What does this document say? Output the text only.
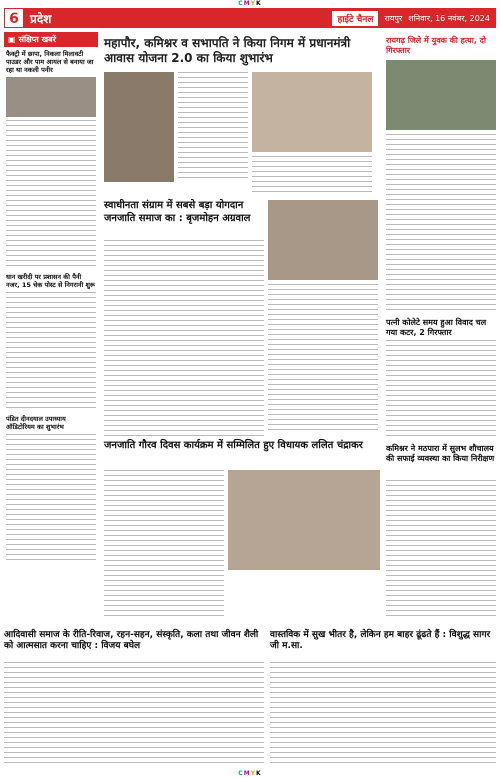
CMYK
6 प्रदेश	हाईटे चैनल	रायपुर शनिवार, 16 नवंबर, 2024
▣ संक्षिप्त खबरें
फैक्ट्री में छापा, निकला मिलावटी पाउडर और पाम आयल से बनाया जा रहा था नकली पनीर
धान खरीदी पर प्रशासन की पैनी नजर, 15 चेक पोस्ट से निगरानी शुरू
पंडित दीनदयाल उपाध्याय ऑडिटोरियम का शुभारंभ
महापौर, कमिश्नर व सभापति ने किया निगम में प्रधानमंत्री आवास योजना 2.0 का किया शुभारंभ
स्वाधीनता संग्राम में सबसे बड़ा योगदान जनजाति समाज का : बृजमोहन अग्रवाल
जनजाति गौरव दिवस कार्यक्रम में सम्मिलित हुए विधायक ललित चंद्राकर
रायगढ़ जिले में युवक की हत्या, दो गिरफ्तार
पत्नी कोलेटे समय हुआ विवाद चल गया कटर, 2 गिरफ्तार
कमिश्नर ने मठपारा में सुलभ शौचालय की सफाई व्यवस्था का किया निरीक्षण
आदिवासी समाज के रीति-रिवाज, रहन-सहन, संस्कृति, कला तथा जीवन शैली को आत्मसात करना चाहिए : विजय बघेल
वास्तविक में सुख भीतर है, लेकिन हम बाहर ढूंढते हैं : विशुद्ध सागर जी म.सा.
CMYK
